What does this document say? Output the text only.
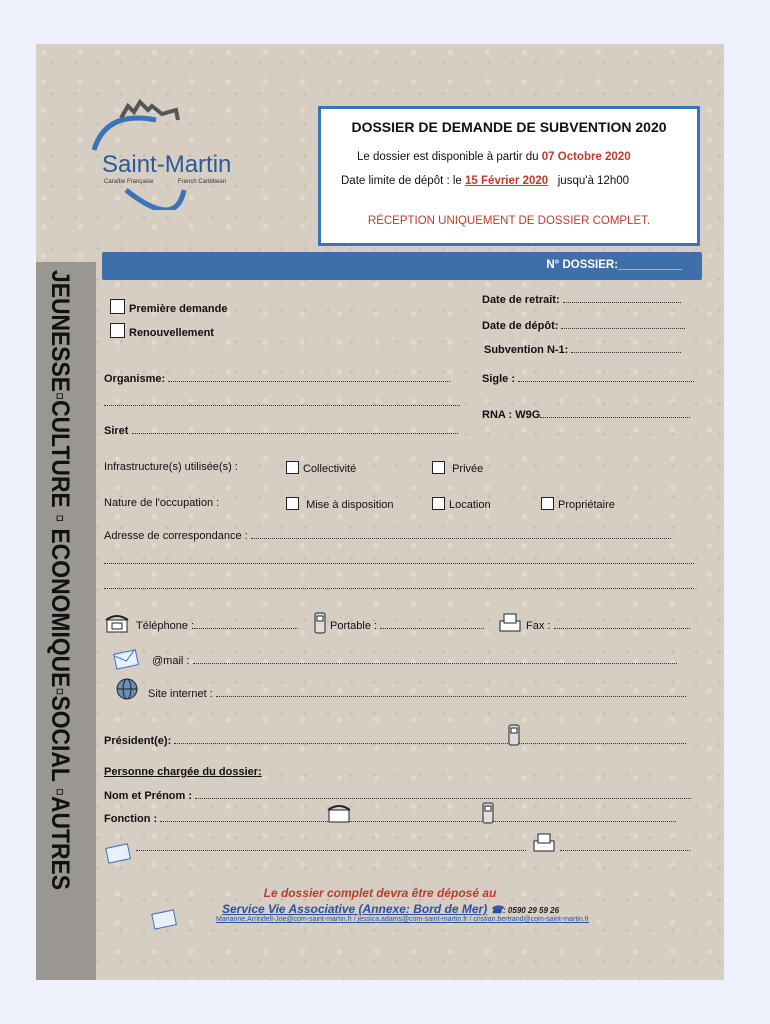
Saint-Martin
Caraïbe Française	French Caribbean
DOSSIER DE DEMANDE DE SUBVENTION 2020
Le dossier est disponible à partir du 07 Octobre 2020
Date limite de dépôt : le 15 Février 2020 jusqu'à 12h00
RÉCEPTION UNIQUEMENT DE DOSSIER COMPLET.
JEUNESSE▫CULTURE ▫ ECONOMIQUE▫SOCIAL ▫AUTRES
N° DOSSIER:__________
Date de retrait:
Date de dépôt:
Subvention N-1:
Première demande
Renouvellement
Organisme:	Sigle :
RNA : W9G
Siret
Infrastructure(s) utilisée(s) :	Collectivité	Privée
Nature de l'occupation :	Mise à disposition	Location	Propriétaire
Adresse de correspondance :
Téléphone :	Portable :	Fax :
@mail :
Site internet :
Président(e):
Personne chargée du dossier:
Nom et Prénom :
Fonction :
Le dossier complet devra être déposé au
Service Vie Associative (Annexe: Bord de Mer) ☎: 0590 29 59 26
Marianne.Arrindell-Joe@com-saint-martin.fr / jessica.adams@com-saint-martin.fr / cristian.bertrand@com-saint-martin.fr
